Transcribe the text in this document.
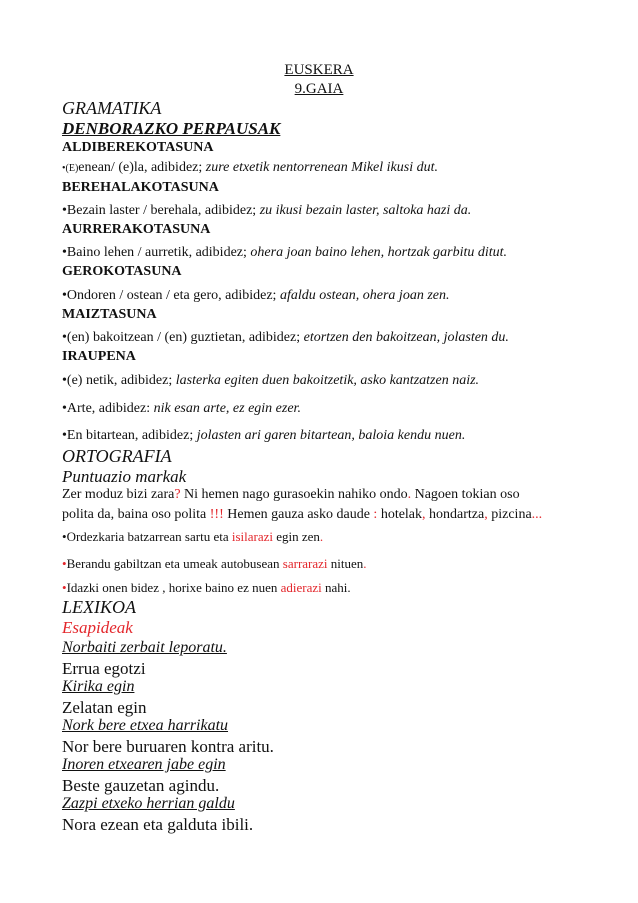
EUSKERA
9.GAIA
GRAMATIKA
DENBORAZKO PERPAUSAK
ALDIBEREKOTASUNA
•(E)enean/ (e)la, adibidez; zure etxetik nentorrenean Mikel ikusi dut.
BEREHALAKOTASUNA
•Bezain laster / berehala, adibidez; zu ikusi bezain laster, saltoka hazi da.
AURRERAKOTASUNA
•Baino lehen / aurretik, adibidez; ohera joan baino lehen, hortzak garbitu ditut.
GEROKOTASUNA
•Ondoren / ostean / eta gero, adibidez; afaldu ostean, ohera joan zen.
MAIZTASUNA
•(en) bakoitzean / (en) guztietan, adibidez; etortzen den bakoitzean, jolasten du.
IRAUPENA
•(e) netik, adibidez; lasterka egiten duen bakoitzetik, asko kantzatzen naiz.
•Arte, adibidez: nik esan arte, ez egin ezer.
•En bitartean, adibidez; jolasten ari garen bitartean, baloia kendu nuen.
ORTOGRAFIA
Puntuazio markak
Zer moduz bizi zara? Ni hemen nago gurasoekin nahiko ondo. Nagoen tokian oso
polita da, baina oso polita !!! Hemen gauza asko daude : hotelak, hondartza, pizcina...
•Ordezkaria batzarrean sartu eta isilarazi egin zen.
•Berandu gabiltzan eta umeak autobusean sarrarazi nituen.
•Idazki onen bidez , horixe baino ez nuen adierazi nahi.
LEXIKOA
Esapideak
Norbaiti zerbait leporatu.
Errua egotzi
Kirika egin
Zelatan egin
Nork bere etxea harrikatu
Nor bere buruaren kontra aritu.
Inoren etxearen jabe egin
Beste gauzetan agindu.
Zazpi etxeko herrian galdu
Nora ezean eta galduta ibili.
